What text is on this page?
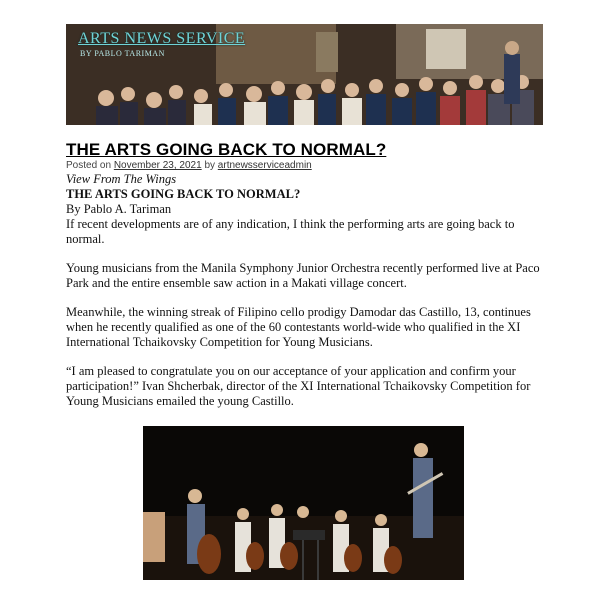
ARTS NEWS SERVICE
BY PABLO TARIMAN
THE ARTS GOING BACK TO NORMAL?
Posted on November 23, 2021 by artnewsserviceadmin
View From The Wings
THE ARTS GOING BACK TO NORMAL?
By Pablo A. Tariman

If recent developments are of any indication, I think the performing arts are going back to normal.

Young musicians from the Manila Symphony Junior Orchestra recently performed live at Paco Park and the entire ensemble saw action in a Makati village concert.

Meanwhile, the winning streak of Filipino cello prodigy Damodar das Castillo, 13, continues when he recently qualified as one of the 60 contestants world-wide who qualified in the XI International Tchaikovsky Competition for Young Musicians.

“I am pleased to congratulate you on our acceptance of your application and confirm your participation!” Ivan Shcherbak, director of the XI International Tchaikovsky Competition for Young Musicians emailed the young Castillo.
